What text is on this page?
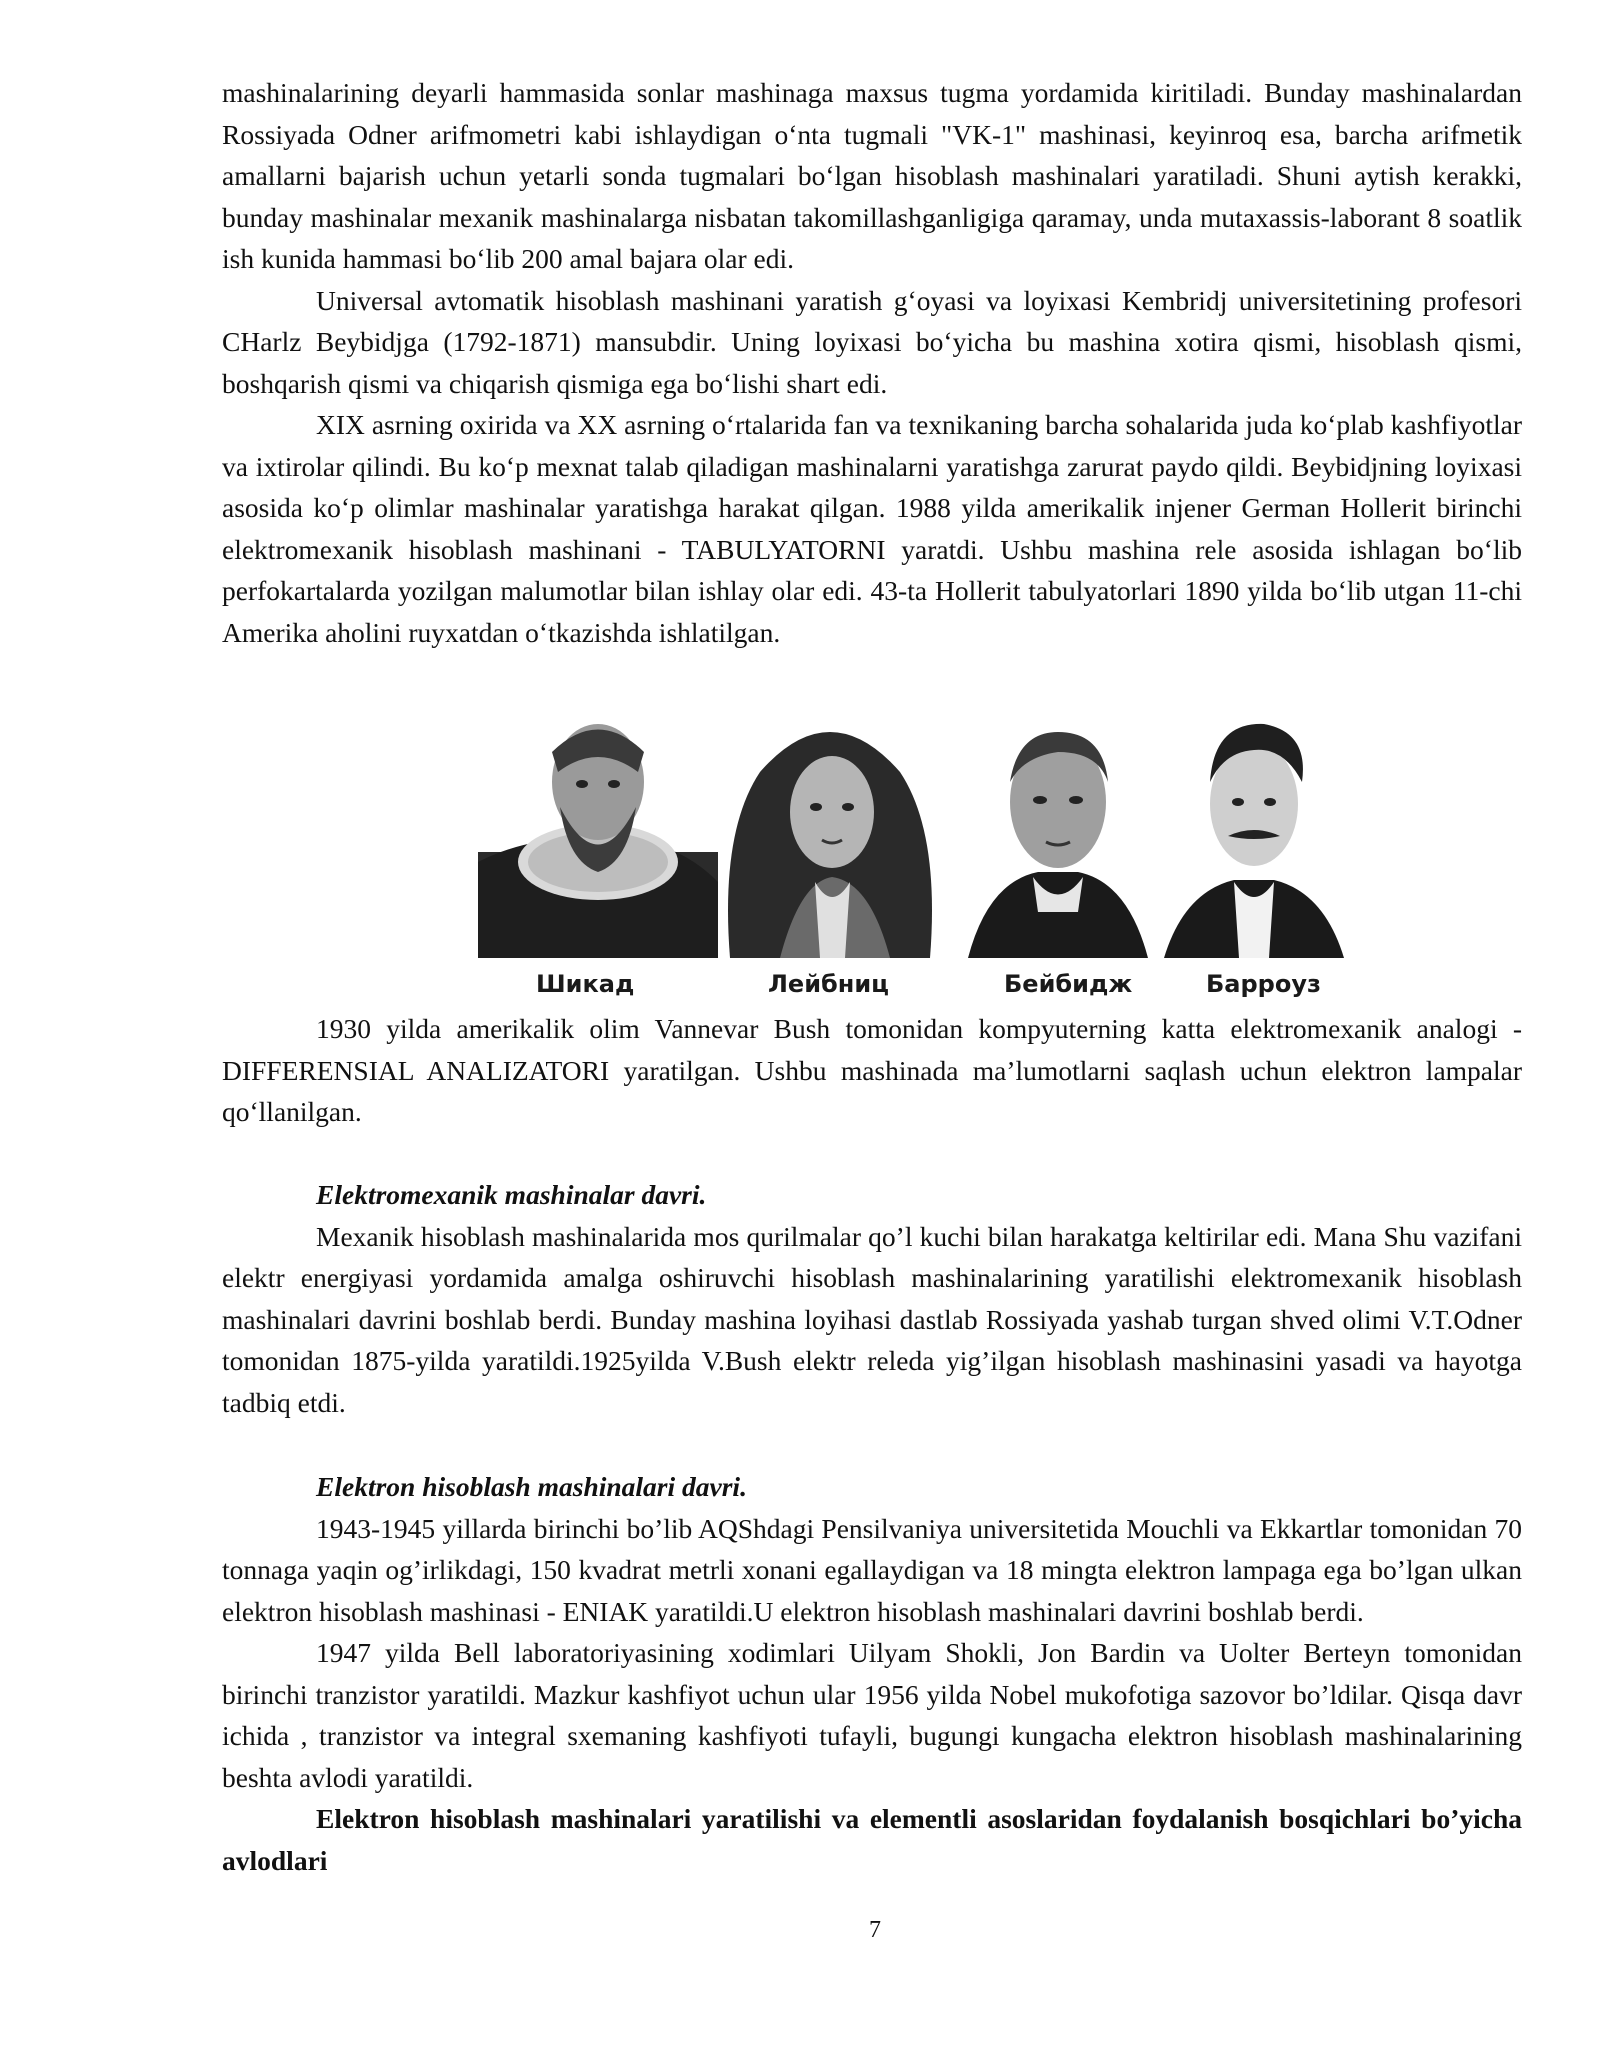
mashinalarining deyarli hammasida sonlar mashinaga maxsus tugma yordamida kiritiladi. Bunday mashinalardan Rossiyada Odner arifmometri kabi ishlaydigan oʻnta tugmali "VK-1" mashinasi, keyinroq esa, barcha arifmetik amallarni bajarish uchun yetarli sonda tugmalari boʻlgan hisoblash mashinalari yaratiladi. Shuni aytish kerakki, bunday mashinalar mexanik mashinalarga nisbatan takomillashganligiga qaramay, unda mutaxassis-laborant 8 soatlik ish kunida hammasi boʻlib 200 amal bajara olar edi.

Universal avtomatik hisoblash mashinani yaratish gʻoyasi va loyixasi Kembridj universitetining profesori CHarlz Beybidjga (1792-1871) mansubdir. Uning loyixasi boʻyicha bu mashina xotira qismi, hisoblash qismi, boshqarish qismi va chiqarish qismiga ega boʻlishi shart edi.

XIX asrning oxirida va XX asrning oʻrtalarida fan va texnikaning barcha sohalarida juda koʻplab kashfiyotlar va ixtirolar qilindi. Bu koʻp mexnat talab qiladigan mashinalarni yaratishga zarurat paydo qildi. Beybidjning loyixasi asosida koʻp olimlar mashinalar yaratishga harakat qilgan. 1988 yilda amerikalik injener German Hollerit birinchi elektromexanik hisoblash mashinani - TABULYATORNI yaratdi. Ushbu mashina rele asosida ishlagan boʻlib perfokartalarda yozilgan malumotlar bilan ishlay olar edi. 43-ta Hollerit tabulyatorlari 1890 yilda boʻlib utgan 11-chi Amerika aholini ruyxatdan oʻtkazishda ishlatilgan.

Шикад	Лейбниц	Бейбидж	Барроуз

1930 yilda amerikalik olim Vannevar Bush tomonidan kompyuterning katta elektromexanik analogi - DIFFERENSIAL ANALIZATORI yaratilgan. Ushbu mashinada ma’lumotlarni saqlash uchun elektron lampalar qoʻllanilgan.

Elektromexanik mashinalar davri.

Mexanik hisoblash mashinalarida mos qurilmalar qo’l kuchi bilan harakatga keltirilar edi. Mana Shu vazifani elektr energiyasi yordamida amalga oshiruvchi hisoblash mashinalarining yaratilishi elektromexanik hisoblash mashinalari davrini boshlab berdi. Bunday mashina loyihasi dastlab Rossiyada yashab turgan shved olimi V.T.Odner tomonidan 1875-yilda yaratildi.1925yilda V.Bush elektr releda yig’ilgan hisoblash mashinasini yasadi va hayotga tadbiq etdi.

Elektron hisoblash mashinalari davri.

1943-1945 yillarda birinchi bo’lib AQShdagi Pensilvaniya universitetida Mouchli va Ekkartlar tomonidan 70 tonnaga yaqin og’irlikdagi, 150 kvadrat metrli xonani egallaydigan va 18 mingta elektron lampaga ega bo’lgan ulkan elektron hisoblash mashinasi - ENIAK yaratildi.U elektron hisoblash mashinalari davrini boshlab berdi.

1947 yilda Bell laboratoriyasining xodimlari Uilyam Shokli, Jon Bardin va Uolter Berteyn tomonidan birinchi tranzistor yaratildi. Mazkur kashfiyot uchun ular 1956 yilda Nobel mukofotiga sazovor bo’ldilar. Qisqa davr ichida , tranzistor va integral sxemaning kashfiyoti tufayli, bugungi kungacha elektron hisoblash mashinalarining beshta avlodi yaratildi.

Elektron hisoblash mashinalari yaratilishi va elementli asoslaridan foydalanish bosqichlari bo’yicha avlodlari
7
